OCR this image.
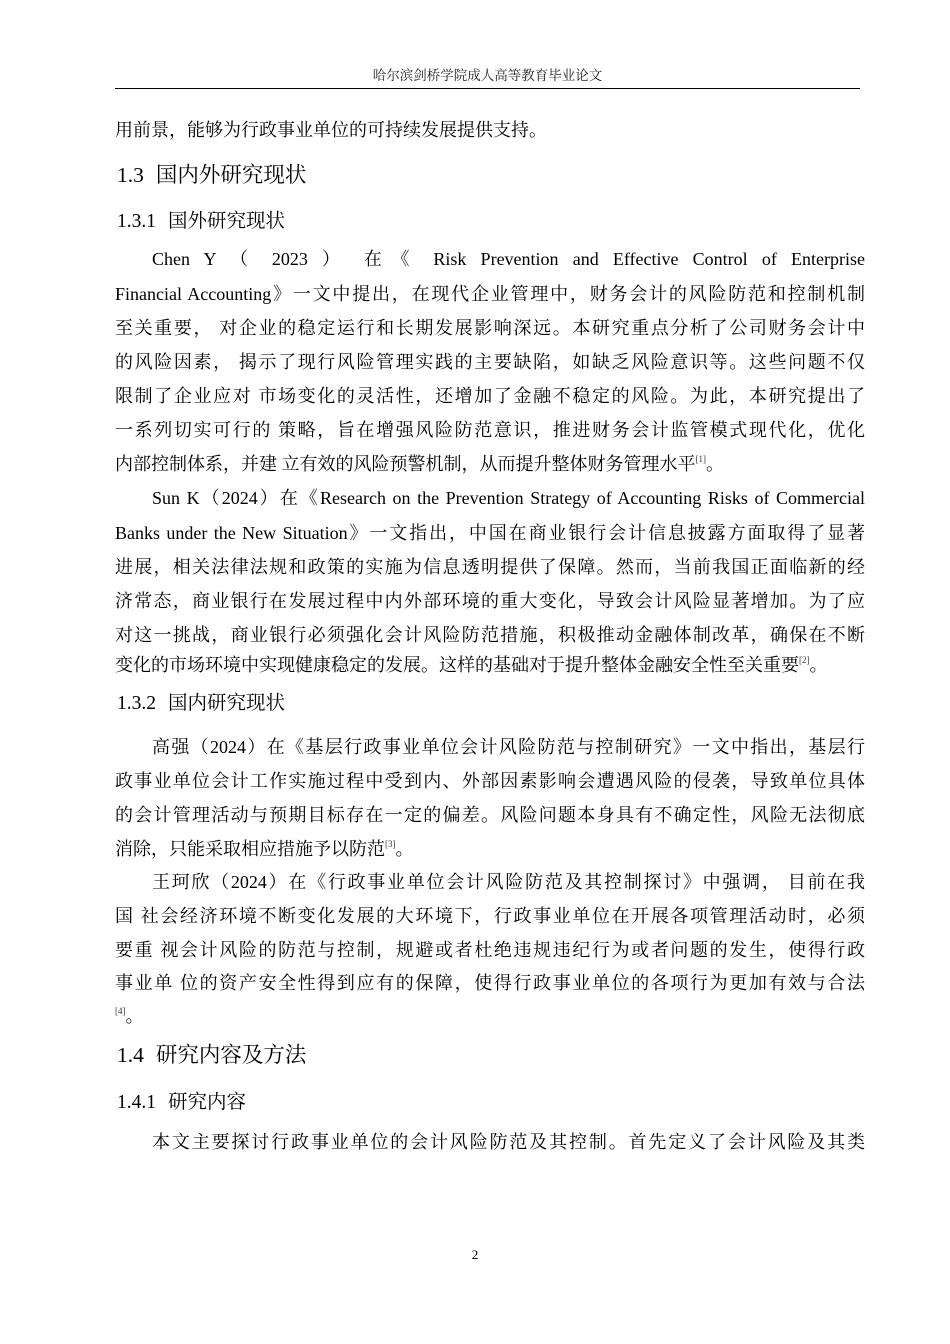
哈尔滨剑桥学院成人高等教育毕业论文
用前景，能够为行政事业单位的可持续发展提供支持。
1.3 国内外研究现状
1.3.1 国外研究现状
Chen Y （ 2023 ） 在《 Risk Prevention and Effective Control of Enterprise
Financial Accounting》一文中提出，在现代企业管理中，财务会计的风险防范和控制机制
至关重要， 对企业的稳定运行和长期发展影响深远。本研究重点分析了公司财务会计中
的风险因素， 揭示了现行风险管理实践的主要缺陷，如缺乏风险意识等。这些问题不仅
限制了企业应对 市场变化的灵活性，还增加了金融不稳定的风险。为此，本研究提出了
一系列切实可行的 策略，旨在增强风险防范意识，推进财务会计监管模式现代化，优化
内部控制体系，并建 立有效的风险预警机制，从而提升整体财务管理水平[1]。
Sun K（2024）在《Research on the Prevention Strategy of Accounting Risks of Commercial
Banks under the New Situation》一文指出，中国在商业银行会计信息披露方面取得了显著
进展，相关法律法规和政策的实施为信息透明提供了保障。然而，当前我国正面临新的经
济常态，商业银行在发展过程中内外部环境的重大变化，导致会计风险显著增加。为了应
对这一挑战，商业银行必须强化会计风险防范措施，积极推动金融体制改革，确保在不断
变化的市场环境中实现健康稳定的发展。这样的基础对于提升整体金融安全性至关重要[2]。
1.3.2 国内研究现状
高强（2024）在《基层行政事业单位会计风险防范与控制研究》一文中指出，基层行
政事业单位会计工作实施过程中受到内、外部因素影响会遭遇风险的侵袭，导致单位具体
的会计管理活动与预期目标存在一定的偏差。风险问题本身具有不确定性，风险无法彻底
消除，只能采取相应措施予以防范[3]。
王珂欣（2024）在《行政事业单位会计风险防范及其控制探讨》中强调， 目前在我
国 社会经济环境不断变化发展的大环境下，行政事业单位在开展各项管理活动时，必须
要重 视会计风险的防范与控制，规避或者杜绝违规违纪行为或者问题的发生，使得行政
事业单 位的资产安全性得到应有的保障，使得行政事业单位的各项行为更加有效与合法
[4]。
1.4 研究内容及方法
1.4.1 研究内容
本文主要探讨行政事业单位的会计风险防范及其控制。首先定义了会计风险及其类
2
